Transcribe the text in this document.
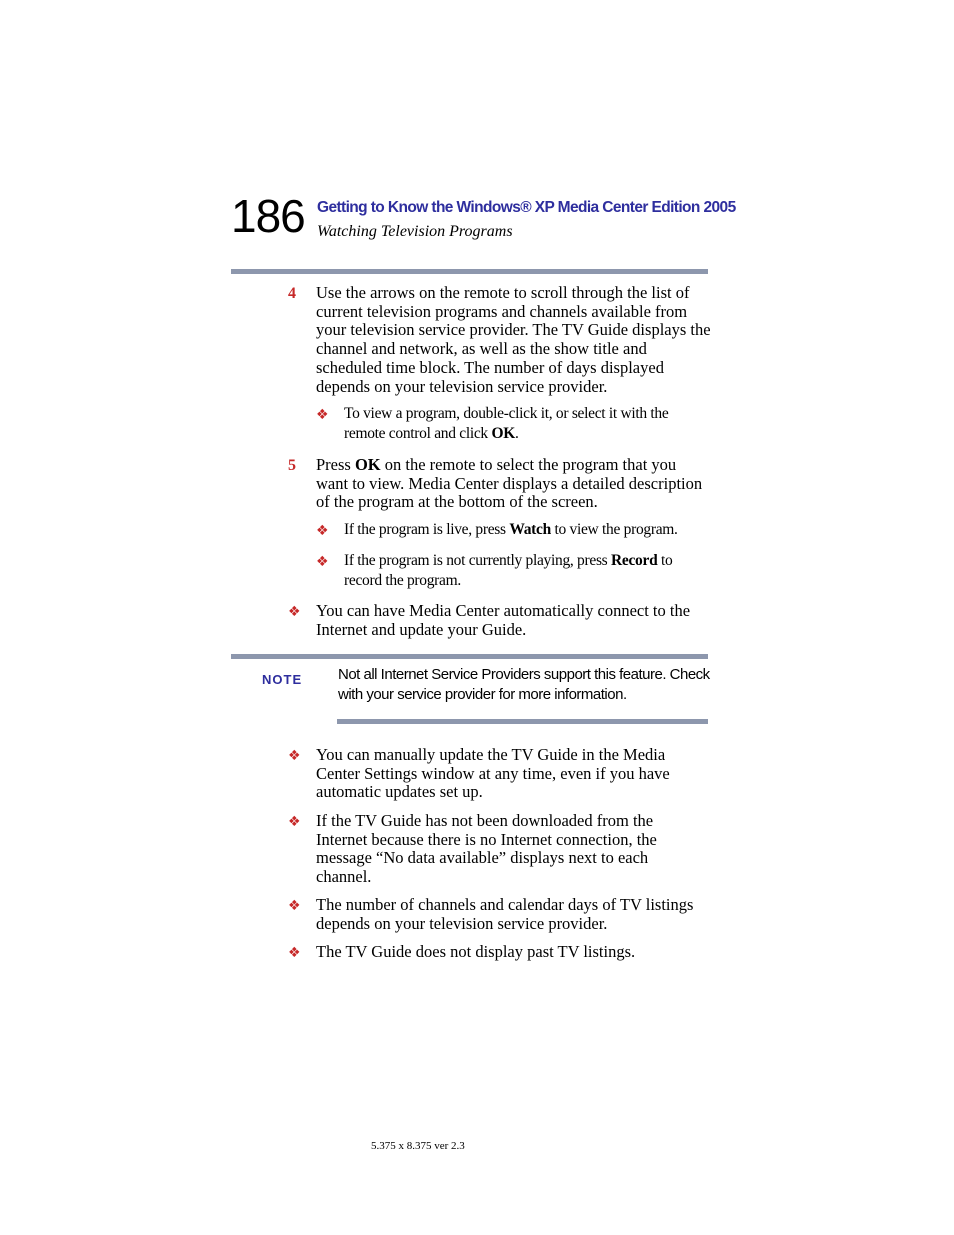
186 Getting to Know the Windows® XP Media Center Edition 2005
Watching Television Programs
4 Use the arrows on the remote to scroll through the list of current television programs and channels available from your television service provider. The TV Guide displays the channel and network, as well as the show title and scheduled time block. The number of days displayed depends on your television service provider.
❖ To view a program, double-click it, or select it with the remote control and click OK.
5 Press OK on the remote to select the program that you want to view. Media Center displays a detailed description of the program at the bottom of the screen.
❖ If the program is live, press Watch to view the program.
❖ If the program is not currently playing, press Record to record the program.
❖ You can have Media Center automatically connect to the Internet and update your Guide.
NOTE Not all Internet Service Providers support this feature. Check with your service provider for more information.
❖ You can manually update the TV Guide in the Media Center Settings window at any time, even if you have automatic updates set up.
❖ If the TV Guide has not been downloaded from the Internet because there is no Internet connection, the message “No data available” displays next to each channel.
❖ The number of channels and calendar days of TV listings depends on your television service provider.
❖ The TV Guide does not display past TV listings.
5.375 x 8.375 ver 2.3
